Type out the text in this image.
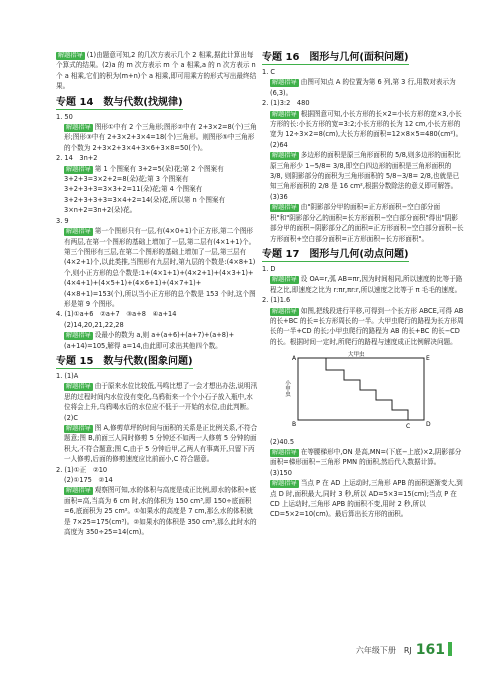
解题指导 (1)由题意可知,2 的几次方表示几个 2 相乘,据此计算出每个算式的结果。(2)a 的 m 次方表示 m 个 a 相乘,a 的 n 次方表示 n 个 a 相乘,它们的积为(m+n)个 a 相乘,即可用乘方的形式写出最终结果。

专题 14　数与代数(找规律)

1. 50

解题指导 图形①中有 2 个三角形;图形②中有 2+3×2=8(个)三角形;图形③中有 2+3×2+3×4=18(个)三角形。则图形⑤中三角形的个数为 2+3×2+3×4+3×6+3×8=50(个)。

2. 14　3n+2

解题指导 第 1 个图案有 3+2=5(朵)花;第 2 个图案有 3+2+3=3×2+2=8(朵)花;第 3 个图案有 3+2+3+3=3×3+2=11(朵)花;第 4 个图案有 3+2+3+3+3=3×4+2=14(朵)花,所以第 n 个图案有 3×n+2=3n+2(朵)花。

3. 9

解题指导 第一个图形只有一层,有(4×0+1)个正方形,第二个图形有两层,在第一个图形的基础上增加了一层,第二层有(4×1+1)个。第三个图形有三层,在第二个图形的基础上增加了一层,第三层有(4×2+1)个,以此类推,当图形有九层时,第九层的个数是:(4×8+1)个,则小正方形的总个数是:1+(4×1+1)+(4×2+1)+(4×3+1)+(4×4+1)+(4×5+1)+(4×6+1)+(4×7+1)+(4×8+1)=153(个),所以当小正方形的总个数是 153 个时,这个图形是第 9 个图形。

4. (1)①a+6　②a+7　③a+8　④a+14

(2)14,20,21,22,28

解题指导 设最小的数为 a,则 a+(a+6)+(a+7)+(a+8)+(a+14)=105,解得 a=14,由此即可求出其他四个数。

专题 15　数与代数(图象问题)

1. (1)A

解题指导 由于原来水位比较低,马鸣比想了一会才想出办法,说明汛思的过程时间内水位没有变化,乌鸦衔来一个个小石子放入瓶中,水位将会上升,乌鸦喝水后的水位应不低于一开始的水位,由此判断。

(2)C

解题指导 图 A,修剪草坪的时间与面积的关系是正比例关系,不符合题意;图 B,前面三人同时修剪 5 分钟还不如两一人修剪 5 分钟的面积大,不符合题意;图 C,由于 5 分钟后甲,乙两人有事离开,只留下丙一人修剪,后面的修剪速度应比前面小,C 符合题意。

2. (1)①正　②10

(2)①175　②14

解题指导 观察图可知,水的体积与高度是成正比例,即水的体积÷底面积=高,当高为 6 cm 时,水的体积为 150 cm³,即 150÷底面积=6,底面积为 25 cm²。①如果水的高度是 7 cm,那么水的体积就是 7×25=175(cm³)。②如果水的体积是 350 cm³,那么此时水的高度为 350÷25=14(cm)。

专题 16　图形与几何(面积问题)

1. C

解题指导 由图可知点 A 的位置为第 6 列,第 3 行,用数对表示为(6,3)。

2. (1)3:2　480

解题指导 根据图意可知,小长方形的长×2=小长方形的宽×3,小长方形的长:小长方形的宽=3:2;小长方形的长为 12 cm,小长方形的宽为 12÷3×2=8(cm),大长方形的面积=12×8×5=480(cm²)。

(2)64

解题指导 多边形的面积是原三角形面积的 5/8,则多边形的面积比原三角形少 1−5/8= 3/8,即空白四边形的面积是三角形面积的 3/8, 则阴影部分的面积为三角形面积的 5/8−3/8= 2/8,也就是已知三角形面积的 2/8 是 16 cm²,根据分数除法的意义即可解答。

(3)36

解题指导 由"阴影部分甲的面积=正方形面积−空白部分面积"和"阴影部分乙的面积=长方形面积−空白部分面积"得出"阴影部分甲的面积−阴影部分乙的面积=正方形面积−空白部分面积−长方形面积+空白部分面积=正方形面积−长方形面积"。

专题 17　图形与几何(动点问题)

1. D

解题指导 设 OA=r,弧 AB=πr,因为时间相同,所以速度的比等于路程之比,即速度之比为 r:πr,πr:r,所以速度之比等于 π 毛毛的速度。

2. (1)1.6

解题指导 如图,把线段进行平移,可得到一个长方形 ABCE,可得 AB 的长+BC 的长=长方形周长的一半。大甲虫爬行的路程为长方形周长的一半+CD 的长;小甲虫爬行的路程为 AB 的长+BC 的长−CD 的长。根据时间一定时,所爬行的路程与速度成正比例解决问题。

A	E
B	C	D
大甲虫
小甲虫

(2)40.5

解题指导 在等腰梯形中,ON 是高,MN=(下底−上底)×2,阴影部分面积=梯形面积−三角形 PMN 的面积,然后代入数据计算。

(3)150

解题指导 当点 P 在 AD 上运动时,三角形 APB 的面积逐渐变大,到点 D 时,面积最大,同时 3 秒,所以 AD=5×3=15(cm);当点 P 在 CD 上运动时,三角形 APB 的面积不变,用时 2 秒,所以 CD=5×2=10(cm)。最后算出长方形的面积。

六年级下册　RJ 161
